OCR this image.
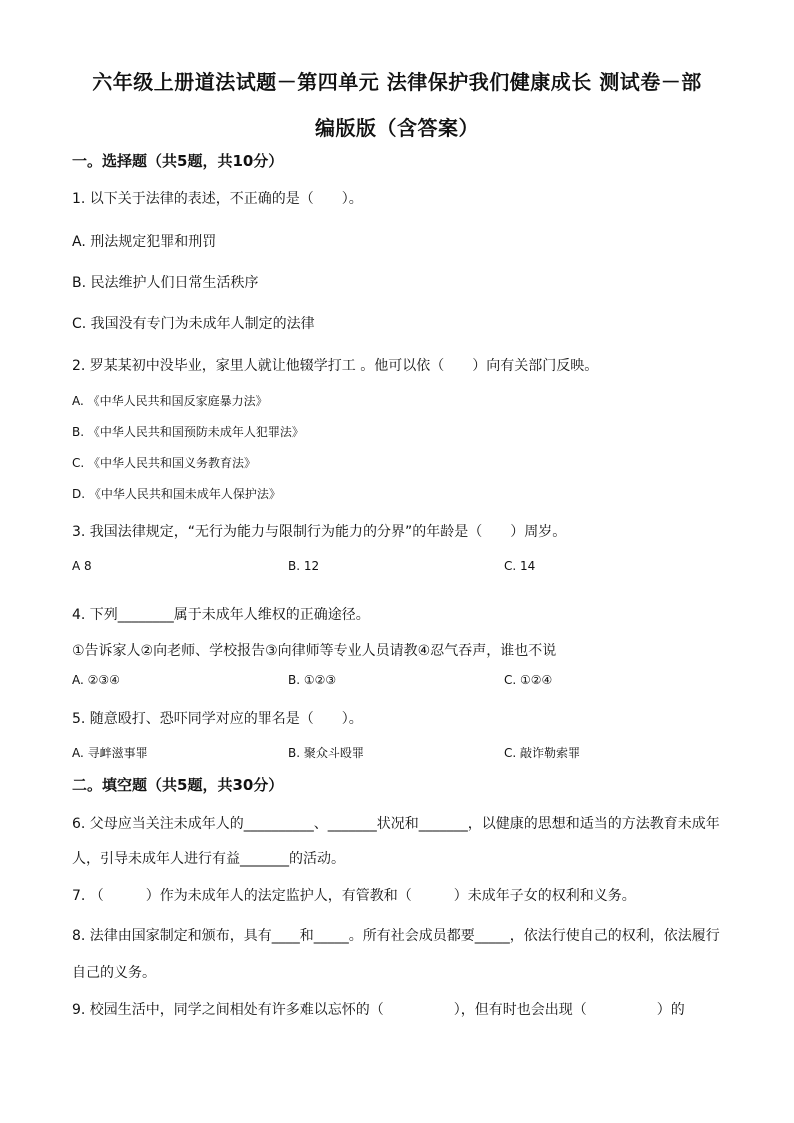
六年级上册道法试题－第四单元 法律保护我们健康成长 测试卷－部
编版版（含答案）
一。选择题（共5题，共10分）
1. 以下关于法律的表述，不正确的是（　　）。
A. 刑法规定犯罪和刑罚
B. 民法维护人们日常生活秩序
C. 我国没有专门为未成年人制定的法律
2. 罗某某初中没毕业，家里人就让他辍学打工 。他可以依（　　）向有关部门反映。
A. 《中华人民共和国反家庭暴力法》
B. 《中华人民共和国预防未成年人犯罪法》
C. 《中华人民共和国义务教育法》
D. 《中华人民共和国未成年人保护法》
3. 我国法律规定，“无行为能力与限制行为能力的分界”的年龄是（　　）周岁。
A 8	B. 12	C. 14
4. 下列________属于未成年人维权的正确途径。
①告诉家人②向老师、学校报告③向律师等专业人员请教④忍气吞声，谁也不说
A. ②③④	B. ①②③	C. ①②④
5. 随意殴打、恐吓同学对应的罪名是（　　）。
A. 寻衅滋事罪	B. 聚众斗殴罪	C. 敲诈勒索罪
二。填空题（共5题，共30分）
6. 父母应当关注未成年人的__________、_______状况和_______，以健康的思想和适当的方法教育未成年
人，引导未成年人进行有益_______的活动。
7. （　　　）作为未成年人的法定监护人，有管教和（　　　）未成年子女的权利和义务。
8. 法律由国家制定和颁布，具有____和_____。所有社会成员都要_____，依法行使自己的权利，依法履行
自己的义务。
9. 校园生活中，同学之间相处有许多难以忘怀的（　　　　　），但有时也会出现（　　　　　）的
